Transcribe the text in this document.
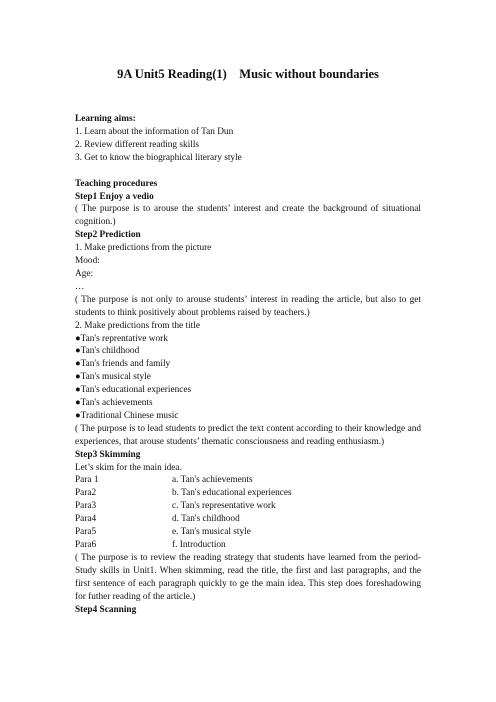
9A Unit5 Reading(1)    Music without boundaries

Learning aims:

1. Learn about the information of Tan Dun

2. Review different reading skills

3. Get to know the biographical literary style

Teaching procedures

Step1 Enjoy a vedio

( The purpose is to arouse the students’ interest and create the background of situational cognition.)

Step2 Prediction

1. Make predictions from the picture

Mood:

Age:

…

( The purpose is not only to arouse students’ interest in reading the article, but also to get students to think positively about problems raised by teachers.)

2. Make predictions from the title

●Tan's reprentative work

●Tan's childhood

●Tan's friends and family

●Tan's musical style

●Tan's educational experiences

●Tan's achievements

●Traditional Chinese music

( The purpose is to lead students to predict the text content according to their knowledge and experiences, that arouse students’ thematic consciousness and reading enthusiasm.)

Step3 Skimming

Let’s skim for the main idea.

Para 1	a. Tan's achievements
Para2	b. Tan's educational experiences
Para3	c. Tan's representative work
Para4	d. Tan's childhood
Para5	e. Tan's musical style
Para6	f. Introduction

( The purpose is to review the reading strategy that students have learned from the period- Study skills in Unit1. When skimming, read the title, the first and last paragraphs, and the first sentence of each paragraph quickly to ge the main idea. This step does foreshadowing for futher reading of the article.)

Step4 Scanning
